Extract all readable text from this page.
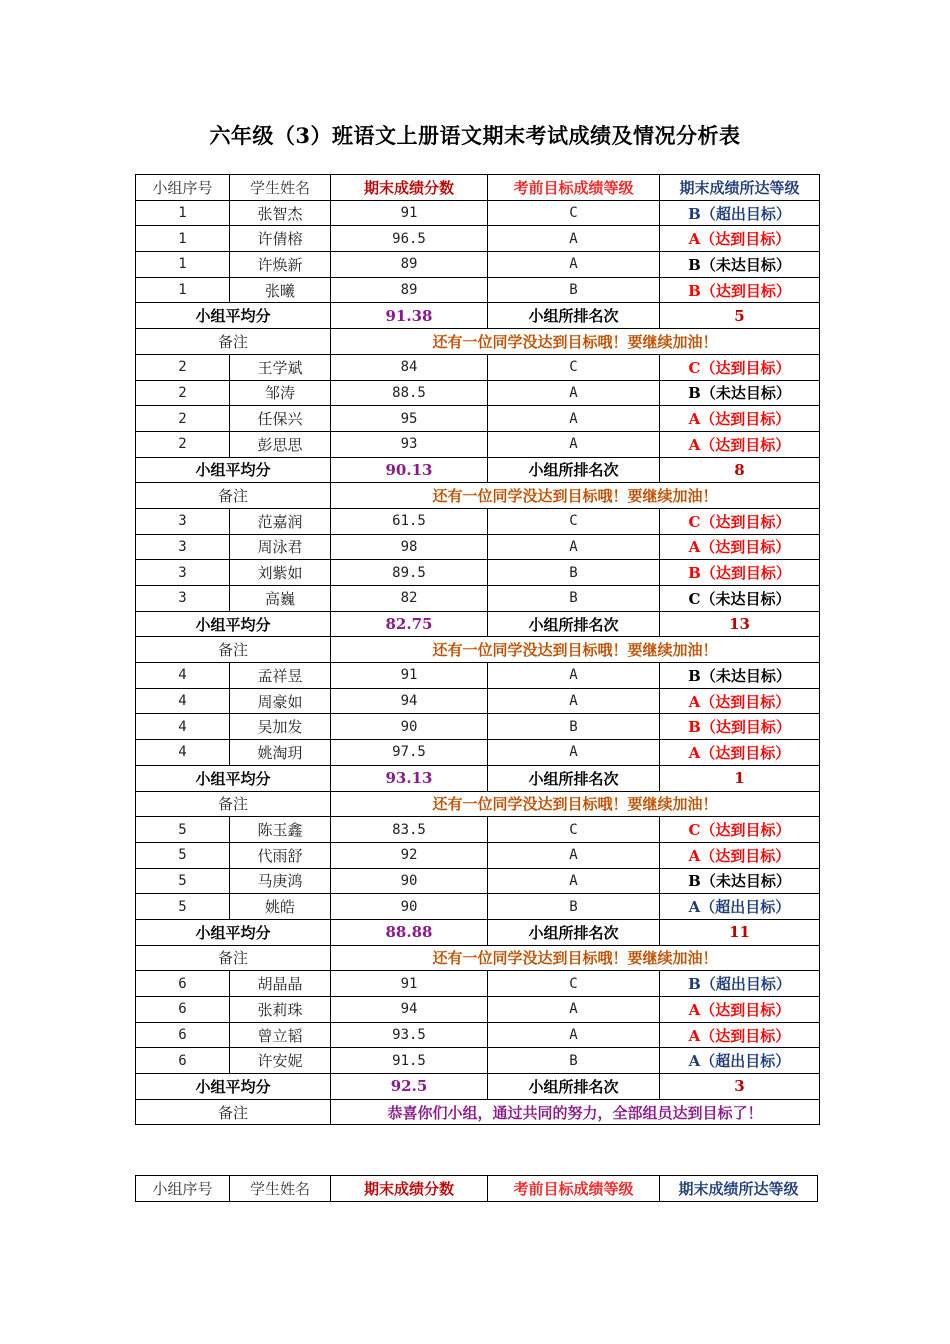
六年级（3）班语文上册语文期末考试成绩及情况分析表
小组序号	学生姓名	期末成绩分数	考前目标成绩等级	期末成绩所达等级
1	张智杰	91	C	B（超出目标）
1	许倩榕	96.5	A	A（达到目标）
1	许焕新	89	A	B（未达目标）
1	张曦	89	B	B（达到目标）
小组平均分		91.38	小组所排名次	5
备注		还有一位同学没达到目标哦！要继续加油！		
2	王学斌	84	C	C（达到目标）
2	邹涛	88.5	A	B（未达目标）
2	任保兴	95	A	A（达到目标）
2	彭思思	93	A	A（达到目标）
小组平均分		90.13	小组所排名次	8
备注		还有一位同学没达到目标哦！要继续加油！		
3	范嘉润	61.5	C	C（达到目标）
3	周泳君	98	A	A（达到目标）
3	刘紫如	89.5	B	B（达到目标）
3	高巍	82	B	C（未达目标）
小组平均分		82.75	小组所排名次	13
备注		还有一位同学没达到目标哦！要继续加油！		
4	孟祥昱	91	A	B（未达目标）
4	周豪如	94	A	A（达到目标）
4	吴加发	90	B	B（达到目标）
4	姚淘玥	97.5	A	A（达到目标）
小组平均分		93.13	小组所排名次	1
备注		还有一位同学没达到目标哦！要继续加油！		
5	陈玉鑫	83.5	C	C（达到目标）
5	代雨舒	92	A	A（达到目标）
5	马庚鸿	90	A	B（未达目标）
5	姚皓	90	B	A（超出目标）
小组平均分		88.88	小组所排名次	11
备注		还有一位同学没达到目标哦！要继续加油！		
6	胡晶晶	91	C	B（超出目标）
6	张莉珠	94	A	A（达到目标）
6	曾立韬	93.5	A	A（达到目标）
6	许安妮	91.5	B	A（超出目标）
小组平均分		92.5	小组所排名次	3
备注		恭喜你们小组，通过共同的努力，全部组员达到目标了！		
小组序号	学生姓名	期末成绩分数	考前目标成绩等级	期末成绩所达等级
